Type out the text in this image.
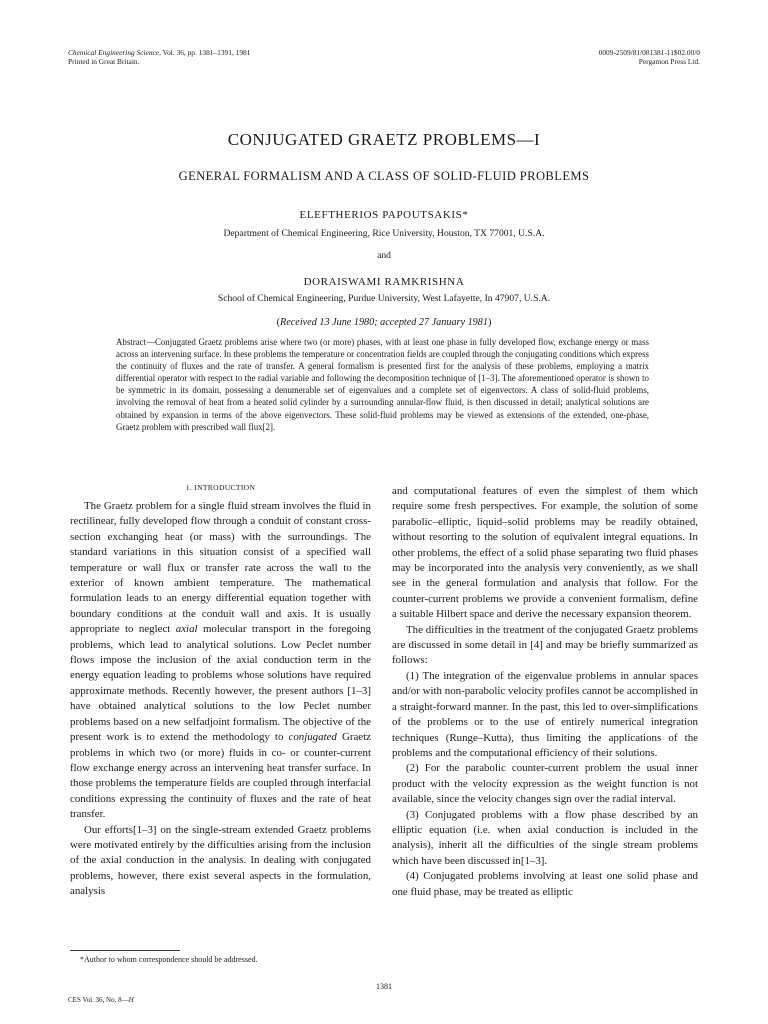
Chemical Engineering Science, Vol. 36, pp. 1381–1391, 1981
Printed in Great Britain.
0009-2509/81/081381-11$02.00/0
Pergamon Press Ltd.
CONJUGATED GRAETZ PROBLEMS—I
GENERAL FORMALISM AND A CLASS OF SOLID-FLUID PROBLEMS
ELEFTHERIOS PAPOUTSAKIS*
Department of Chemical Engineering, Rice University, Houston, TX 77001, U.S.A.
and
DORAISWAMI RAMKRISHNA
School of Chemical Engineering, Purdue University, West Lafayette, In 47907, U.S.A.
(Received 13 June 1980; accepted 27 January 1981)
Abstract—Conjugated Graetz problems arise where two (or more) phases, with at least one phase in fully developed flow, exchange energy or mass across an intervening surface. In these problems the temperature or concentration fields are coupled through the conjugating conditions which express the continuity of fluxes and the rate of transfer. A general formalism is presented first for the analysis of these problems, employing a matrix differential operator with respect to the radial variable and following the decomposition technique of [1–3]. The aforementioned operator is shown to be symmetric in its domain, possessing a denumerable set of eigenvalues and a complete set of eigenvectors. A class of solid-fluid problems, involving the removal of heat from a heated solid cylinder by a surrounding annular-flow fluid, is then discussed in detail; analytical solutions are obtained by expansion in terms of the above eigenvectors. These solid-fluid problems may be viewed as extensions of the extended, one-phase, Graetz problem with prescribed wall flux[2].
1. INTRODUCTION

The Graetz problem for a single fluid stream involves the fluid in rectilinear, fully developed flow through a conduit of constant cross-section exchanging heat (or mass) with the surroundings. The standard variations in this situation consist of a specified wall temperature or wall flux or transfer rate across the wall to the exterior of known ambient temperature. The mathematical formulation leads to an energy differential equation together with boundary conditions at the conduit wall and axis. It is usually appropriate to neglect axial molecular transport in the foregoing problems, which lead to analytical solutions. Low Peclet number flows impose the inclusion of the axial conduction term in the energy equation leading to problems whose solutions have required approximate methods. Recently however, the present authors [1–3] have obtained analytical solutions to the low Peclet number problems based on a new selfadjoint formalism. The objective of the present work is to extend the methodology to conjugated Graetz problems in which two (or more) fluids in co- or counter-current flow exchange energy across an intervening heat transfer surface. In those problems the temperature fields are coupled through interfacial conditions expressing the continuity of fluxes and the rate of heat transfer.

Our efforts[1–3] on the single-stream extended Graetz problems were motivated entirely by the difficulties arising from the inclusion of the axial conduction in the analysis. In dealing with conjugated problems, however, there exist several aspects in the formulation, analysis

and computational features of even the simplest of them which require some fresh perspectives. For example, the solution of some parabolic–elliptic, liquid–solid problems may be readily obtained, without resorting to the solution of equivalent integral equations. In other problems, the effect of a solid phase separating two fluid phases may be incorporated into the analysis very conveniently, as we shall see in the general formulation and analysis that follow. For the counter-current problems we provide a convenient formalism, define a suitable Hilbert space and derive the necessary expansion theorem.

The difficulties in the treatment of the conjugated Graetz problems are discussed in some detail in [4] and may be briefly summarized as follows:

(1) The integration of the eigenvalue problems in annular spaces and/or with non-parabolic velocity profiles cannot be accomplished in a straight-forward manner. In the past, this led to over-simplifications of the problems or to the use of entirely numerical integration techniques (Runge–Kutta), thus limiting the applications of the problems and the computational efficiency of their solutions.

(2) For the parabolic counter-current problem the usual inner product with the velocity expression as the weight function is not available, since the velocity changes sign over the radial interval.

(3) Conjugated problems with a flow phase described by an elliptic equation (i.e. when axial conduction is included in the analysis), inherit all the difficulties of the single stream problems which have been discussed in[1–3].

(4) Conjugated problems involving at least one solid phase and one fluid phase, may be treated as elliptic

*Author to whom correspondence should be addressed.
1381
CES Vol. 36, No. 8—H
